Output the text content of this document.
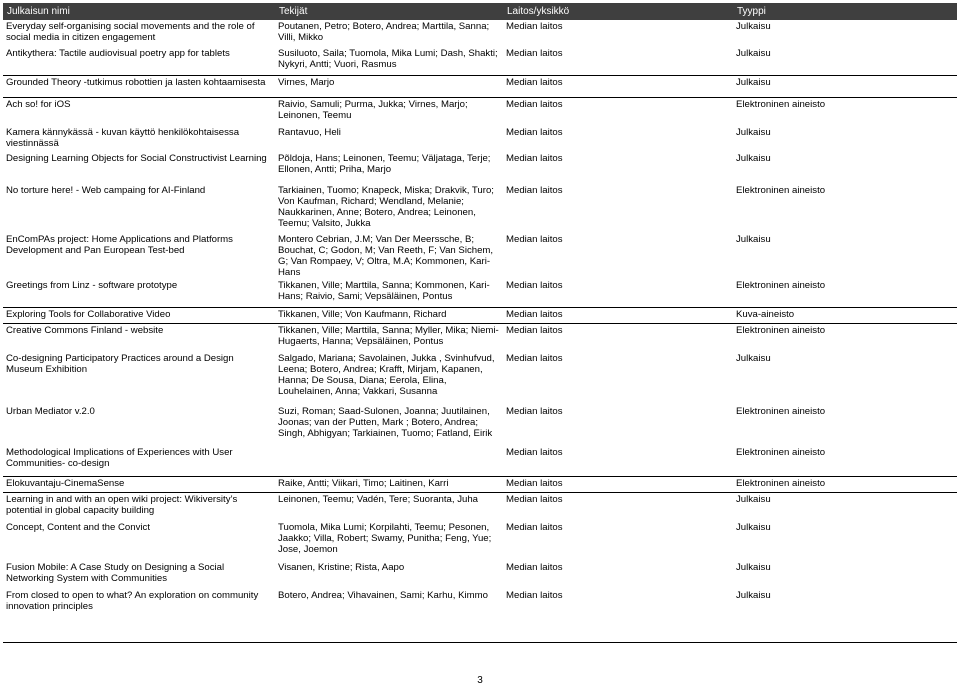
Julkaisun nimi	Tekijät	Laitos/yksikkö	Tyyppi
Everyday self-organising social movements and the role of social media in citizen engagement	Poutanen, Petro; Botero, Andrea; Marttila, Sanna; Villi, Mikko	Median laitos	Julkaisu
Antikythera: Tactile audiovisual poetry app for tablets	Susiluoto, Saila; Tuomola, Mika Lumi; Dash, Shakti; Nykyri, Antti; Vuori, Rasmus	Median laitos	Julkaisu
Grounded Theory -tutkimus robottien ja lasten kohtaamisesta	Virnes, Marjo	Median laitos	Julkaisu
Ach so! for iOS	Raivio, Samuli; Purma, Jukka; Virnes, Marjo; Leinonen, Teemu	Median laitos	Elektroninen aineisto
Kamera kännykässä - kuvan käyttö henkilökohtaisessa viestinnässä	Rantavuo, Heli	Median laitos	Julkaisu
Designing Learning Objects for Social Constructivist Learning	Põldoja, Hans; Leinonen, Teemu; Väljataga, Terje; Ellonen, Antti; Priha, Marjo	Median laitos	Julkaisu
No torture here! - Web campaing for AI-Finland	Tarkiainen, Tuomo; Knapeck, Miska; Drakvik, Turo; Von Kaufman, Richard; Wendland, Melanie; Naukkarinen, Anne; Botero, Andrea; Leinonen, Teemu; Valsito, Jukka	Median laitos	Elektroninen aineisto
EnComPAs project: Home Applications and Platforms Development and Pan European Test-bed	Montero Cebrian, J.M; Van Der Meerssche, B; Bouchat, C; Godon, M; Van Reeth, F; Van Sichem, G; Van Rompaey, V; Oltra, M.A; Kommonen, Kari-Hans	Median laitos	Julkaisu
Greetings from Linz - software prototype	Tikkanen, Ville; Marttila, Sanna; Kommonen, Kari-Hans; Raivio, Sami; Vepsäläinen, Pontus	Median laitos	Elektroninen aineisto
Exploring Tools for Collaborative Video	Tikkanen, Ville; Von Kaufmann, Richard	Median laitos	Kuva-aineisto
Creative Commons Finland - website	Tikkanen, Ville; Marttila, Sanna; Myller, Mika; Niemi-Hugaerts, Hanna; Vepsäläinen, Pontus	Median laitos	Elektroninen aineisto
Co-designing Participatory Practices around a Design Museum Exhibition	Salgado, Mariana; Savolainen, Jukka , Svinhufvud, Leena; Botero, Andrea; Krafft, Mirjam, Kapanen, Hanna; De Sousa, Diana; Eerola, Elina, Louhelainen, Anna; Vakkari, Susanna	Median laitos	Julkaisu
Urban Mediator v.2.0	Suzi, Roman; Saad-Sulonen, Joanna; Juutilainen, Joonas; van der Putten, Mark ; Botero, Andrea; Singh, Abhigyan; Tarkiainen, Tuomo; Fatland, Eirik	Median laitos	Elektroninen aineisto
Methodological Implications of Experiences with User Communities- co-design		Median laitos	Elektroninen aineisto
Elokuvantaju-CinemaSense	Raike, Antti; Viikari, Timo; Laitinen, Karri	Median laitos	Elektroninen aineisto
Learning in and with an open wiki project: Wikiversity’s potential in global capacity building	Leinonen, Teemu; Vadén, Tere; Suoranta, Juha	Median laitos	Julkaisu
Concept, Content and the Convict	Tuomola, Mika Lumi; Korpilahti, Teemu; Pesonen, Jaakko; Villa, Robert; Swamy, Punitha; Feng, Yue; Jose, Joemon	Median laitos	Julkaisu
Fusion Mobile: A Case Study on Designing a Social Networking System with Communities	Visanen, Kristine; Rista, Aapo	Median laitos	Julkaisu
From closed to open to what? An exploration on community innovation principles	Botero, Andrea; Vihavainen, Sami; Karhu, Kimmo	Median laitos	Julkaisu
3
